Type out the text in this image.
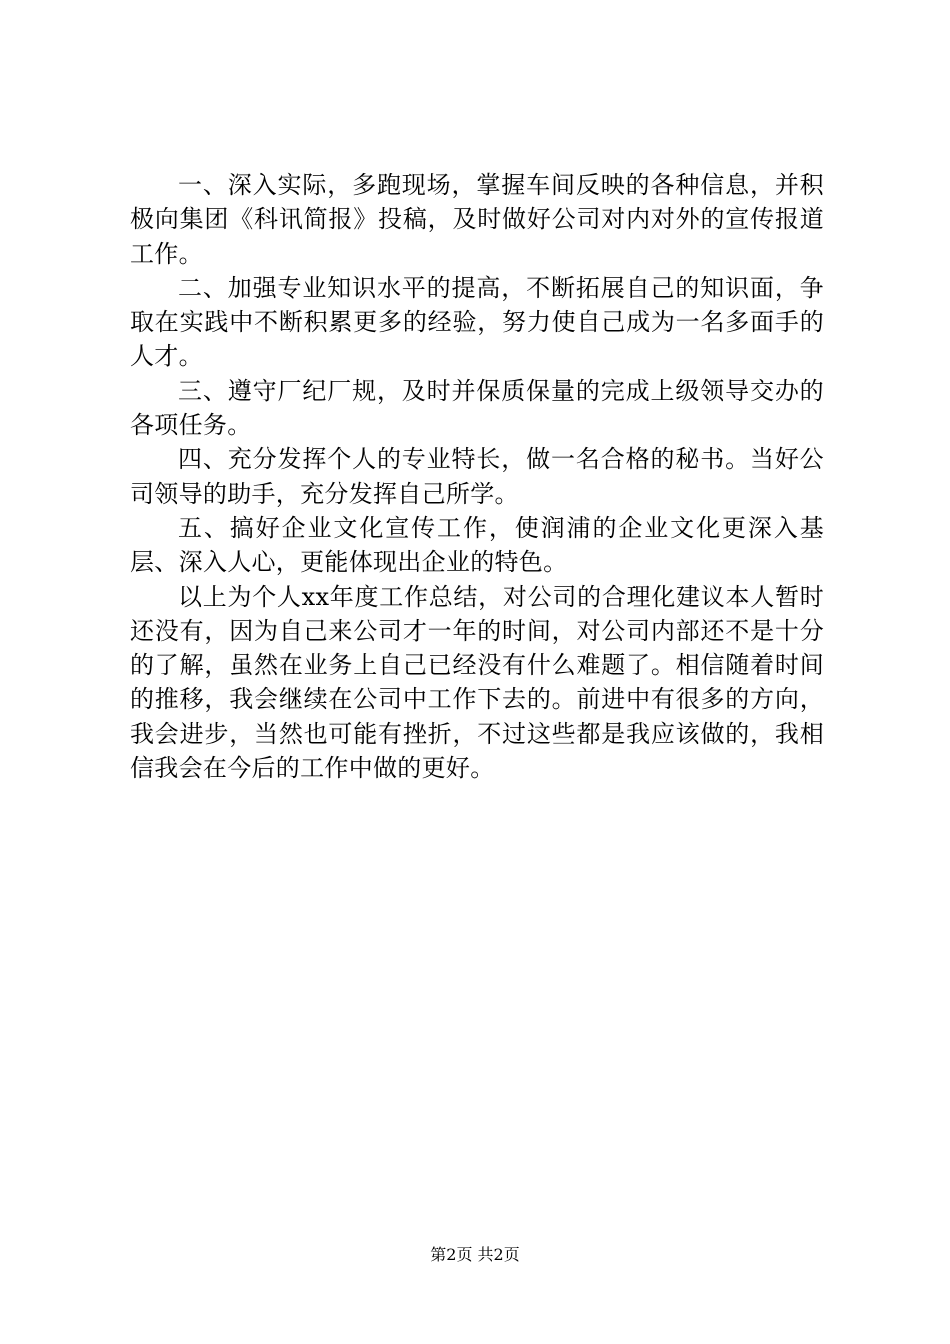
一、深入实际，多跑现场，掌握车间反映的各种信息，并积极向集团《科讯简报》投稿，及时做好公司对内对外的宣传报道工作。

二、加强专业知识水平的提高，不断拓展自己的知识面，争取在实践中不断积累更多的经验，努力使自己成为一名多面手的人才。

三、遵守厂纪厂规，及时并保质保量的完成上级领导交办的各项任务。

四、充分发挥个人的专业特长，做一名合格的秘书。当好公司领导的助手，充分发挥自己所学。

五、搞好企业文化宣传工作，使润浦的企业文化更深入基层、深入人心，更能体现出企业的特色。

以上为个人xx年度工作总结，对公司的合理化建议本人暂时还没有，因为自己来公司才一年的时间，对公司内部还不是十分的了解，虽然在业务上自己已经没有什么难题了。相信随着时间的推移，我会继续在公司中工作下去的。前进中有很多的方向，我会进步，当然也可能有挫折，不过这些都是我应该做的，我相信我会在今后的工作中做的更好。

第2页 共2页
